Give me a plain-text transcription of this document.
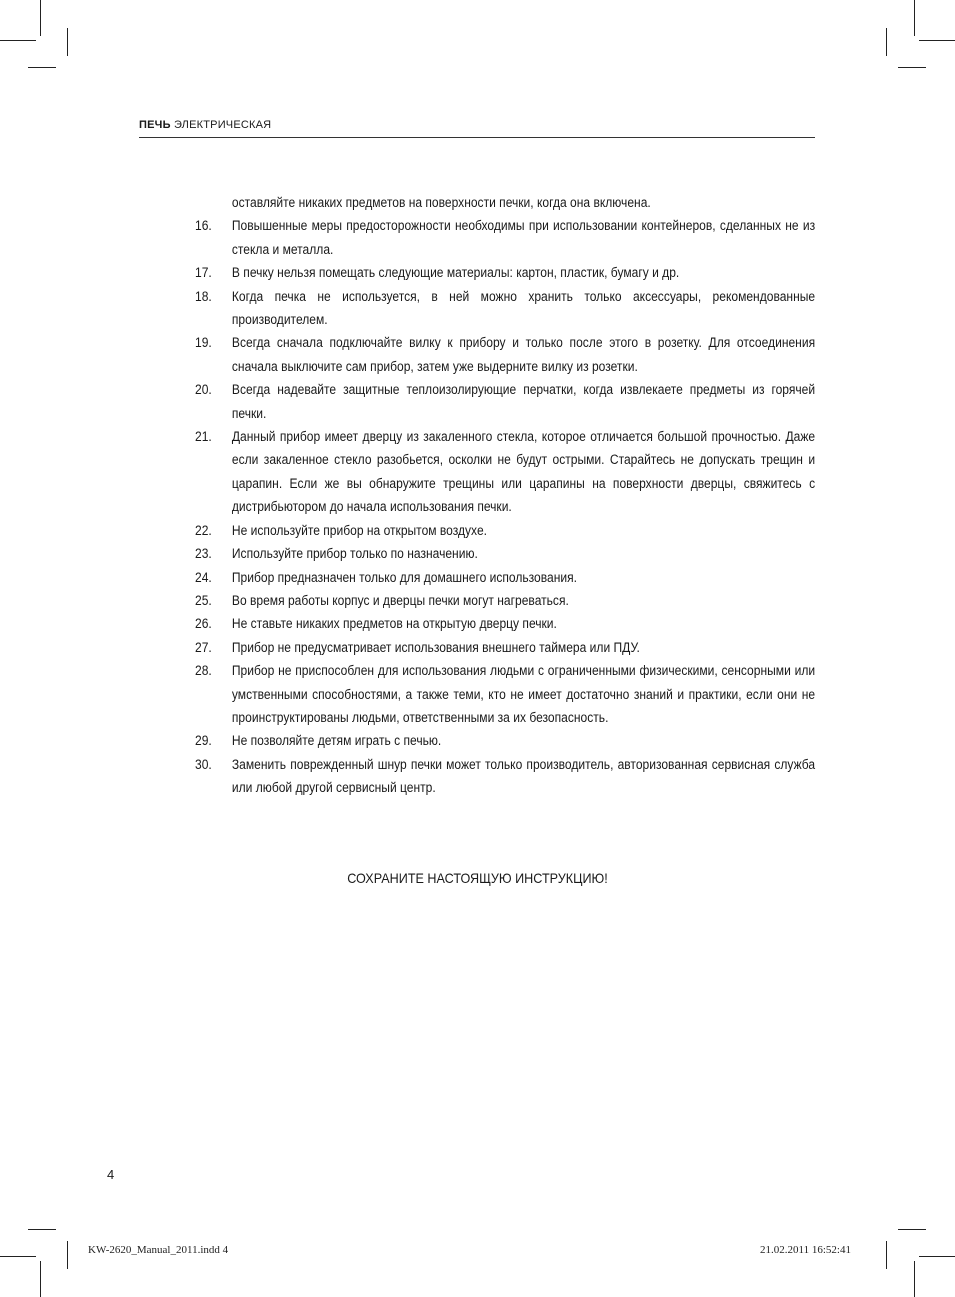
ПЕЧЬ ЭЛЕКТРИЧЕСКАЯ
оставляйте никаких предметов на поверхности печки, когда она включена.
16.	Повышенные меры предосторожности необходимы при использовании контейнеров, сделанных не из стекла и металла.
17.	В печку нельзя помещать следующие материалы: картон, пластик, бумагу и др.
18.	Когда печка не используется, в ней можно хранить только аксессуары, рекомендованные производителем.
19.	Всегда сначала подключайте вилку к прибору и только после этого в розетку. Для отсоединения сначала выключите сам прибор, затем уже выдерните вилку из розетки.
20.	Всегда надевайте защитные теплоизолирующие перчатки, когда извлекаете предметы из горячей печки.
21.	Данный прибор имеет дверцу из закаленного стекла, которое отличается большой прочностью. Даже если закаленное стекло разобьется, осколки не будут острыми. Старайтесь не допускать трещин и царапин. Если же вы обнаружите трещины или царапины на поверхности дверцы, свяжитесь с дистрибьютором до начала использования печки.
22.	Не используйте прибор на открытом воздухе.
23.	Используйте прибор только по назначению.
24.	Прибор предназначен только для домашнего использования.
25.	Во время работы корпус и дверцы печки могут нагреваться.
26.	Не ставьте никаких предметов на открытую дверцу печки.
27.	Прибор не предусматривает использования внешнего таймера или ПДУ.
28.	Прибор не приспособлен для использования людьми с ограниченными физическими, сенсорными или умственными способностями, а также теми, кто не имеет достаточно знаний и практики, если они не проинструктированы людьми, ответственными за их безопасность.
29.	Не позволяйте детям играть с печью.
30.	Заменить поврежденный шнур печки может только производитель, авторизованная сервисная служба или любой другой сервисный центр.
СОХРАНИТЕ НАСТОЯЩУЮ ИНСТРУКЦИЮ!
4
KW-2620_Manual_2011.indd 4	21.02.2011 16:52:41
